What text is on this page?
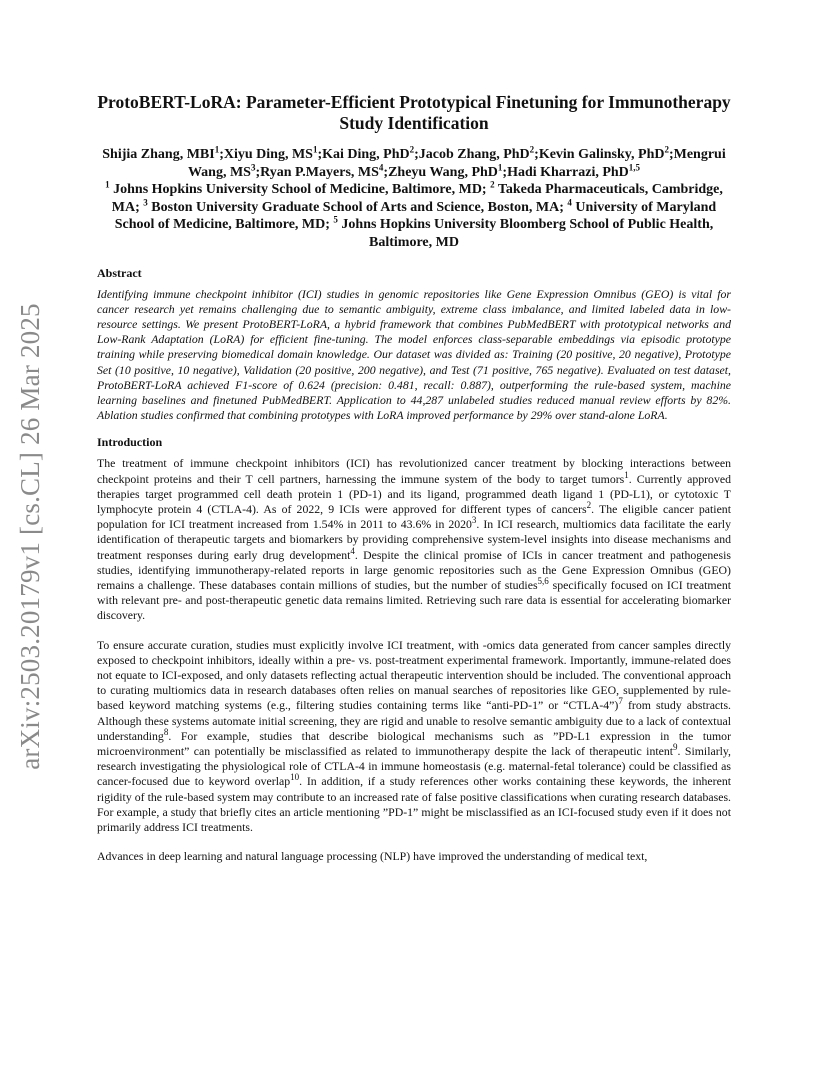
arXiv:2503.20179v1 [cs.CL] 26 Mar 2025
ProtoBERT-LoRA: Parameter-Efficient Prototypical Finetuning for Immunotherapy Study Identification
Shijia Zhang, MBI$^1$;Xiyu Ding, $MS^1;Kai$ Ding, PhD$^2$;Jacob Zhang, PhD$^2$;Kevin Galinsky, PhD$^2$;Mengrui Wang, $MS^3;Ryan$ P.Mayers, $MS^4;Zheyu$ Wang, PhD$^1$;Hadi Kharrazi, PhD$^{1,5}$
$^1$ Johns Hopkins University School of Medicine, Baltimore, MD; $^2$ Takeda Pharmaceuticals, Cambridge, MA; $^3$ Boston University Graduate School of Arts and Science, Boston, MA; $^4$ University of Maryland School of Medicine, Baltimore, MD; $^5$ Johns Hopkins University Bloomberg School of Public Health, Baltimore, MD
Abstract

Identifying immune checkpoint inhibitor (ICI) studies in genomic repositories like Gene Expression Omnibus (GEO) is vital for cancer research yet remains challenging due to semantic ambiguity, extreme class imbalance, and limited labeled data in low-resource settings. We present ProtoBERT-LoRA, a hybrid framework that combines PubMedBERT with prototypical networks and Low-Rank Adaptation (LoRA) for efficient fine-tuning. The model enforces class-separable embeddings via episodic prototype training while preserving biomedical domain knowledge. Our dataset was divided as: Training (20 positive, 20 negative), Prototype Set (10 positive, 10 negative), Validation (20 positive, 200 negative), and Test (71 positive, 765 negative). Evaluated on test dataset, ProtoBERT-LoRA achieved F1-score of 0.624 (precision: 0.481, recall: 0.887), outperforming the rule-based system, machine learning baselines and finetuned PubMedBERT. Application to 44,287 unlabeled studies reduced manual review efforts by 82%. Ablation studies confirmed that combining prototypes with LoRA improved performance by 29% over stand-alone LoRA.

Introduction

The treatment of immune checkpoint inhibitors (ICI) has revolutionized cancer treatment by blocking interactions between checkpoint proteins and their T cell partners, harnessing the immune system of the body to target tumors$^1$. Currently approved therapies target programmed cell death protein 1 (PD-1) and its ligand, programmed death ligand 1 (PD-L1), or cytotoxic T lymphocyte protein 4 (CTLA-4). As of 2022, 9 ICIs were approved for different types of cancers$^2$. The eligible cancer patient population for ICI treatment increased from 1.54% in 2011 to 43.6% in 2020$^3$. In ICI research, multiomics data facilitate the early identification of therapeutic targets and biomarkers by providing comprehensive system-level insights into disease mechanisms and treatment responses during early drug development$^4$. Despite the clinical promise of ICIs in cancer treatment and pathogenesis studies, identifying immunotherapy-related reports in large genomic repositories such as the Gene Expression Omnibus (GEO) remains a challenge. These databases contain millions of studies, but the number of studies$^{5,6}$ specifically focused on ICI treatment with relevant pre- and post-therapeutic genetic data remains limited. Retrieving such rare data is essential for accelerating biomarker discovery.

To ensure accurate curation, studies must explicitly involve ICI treatment, with -omics data generated from cancer samples directly exposed to checkpoint inhibitors, ideally within a pre- vs. post-treatment experimental framework. Importantly, immune-related does not equate to ICI-exposed, and only datasets reflecting actual therapeutic intervention should be included. The conventional approach to curating multiomics data in research databases often relies on manual searches of repositories like GEO, supplemented by rule-based keyword matching systems (e.g., filtering studies containing terms like “anti-PD-1” or “CTLA-4”)$^7$ from study abstracts. Although these systems automate initial screening, they are rigid and unable to resolve semantic ambiguity due to a lack of contextual understanding$^8$. For example, studies that describe biological mechanisms such as ”PD-L1 expression in the tumor microenvironment” can potentially be misclassified as related to immunotherapy despite the lack of therapeutic intent$^9$. Similarly, research investigating the physiological role of CTLA-4 in immune homeostasis (e.g. maternal-fetal tolerance) could be classified as cancer-focused due to keyword overlap$^{10}$. In addition, if a study references other works containing these keywords, the inherent rigidity of the rule-based system may contribute to an increased rate of false positive classifications when curating research databases. For example, a study that briefly cites an article mentioning ”PD-1” might be misclassified as an ICI-focused study even if it does not primarily address ICI treatments.

Advances in deep learning and natural language processing (NLP) have improved the understanding of medical text,
